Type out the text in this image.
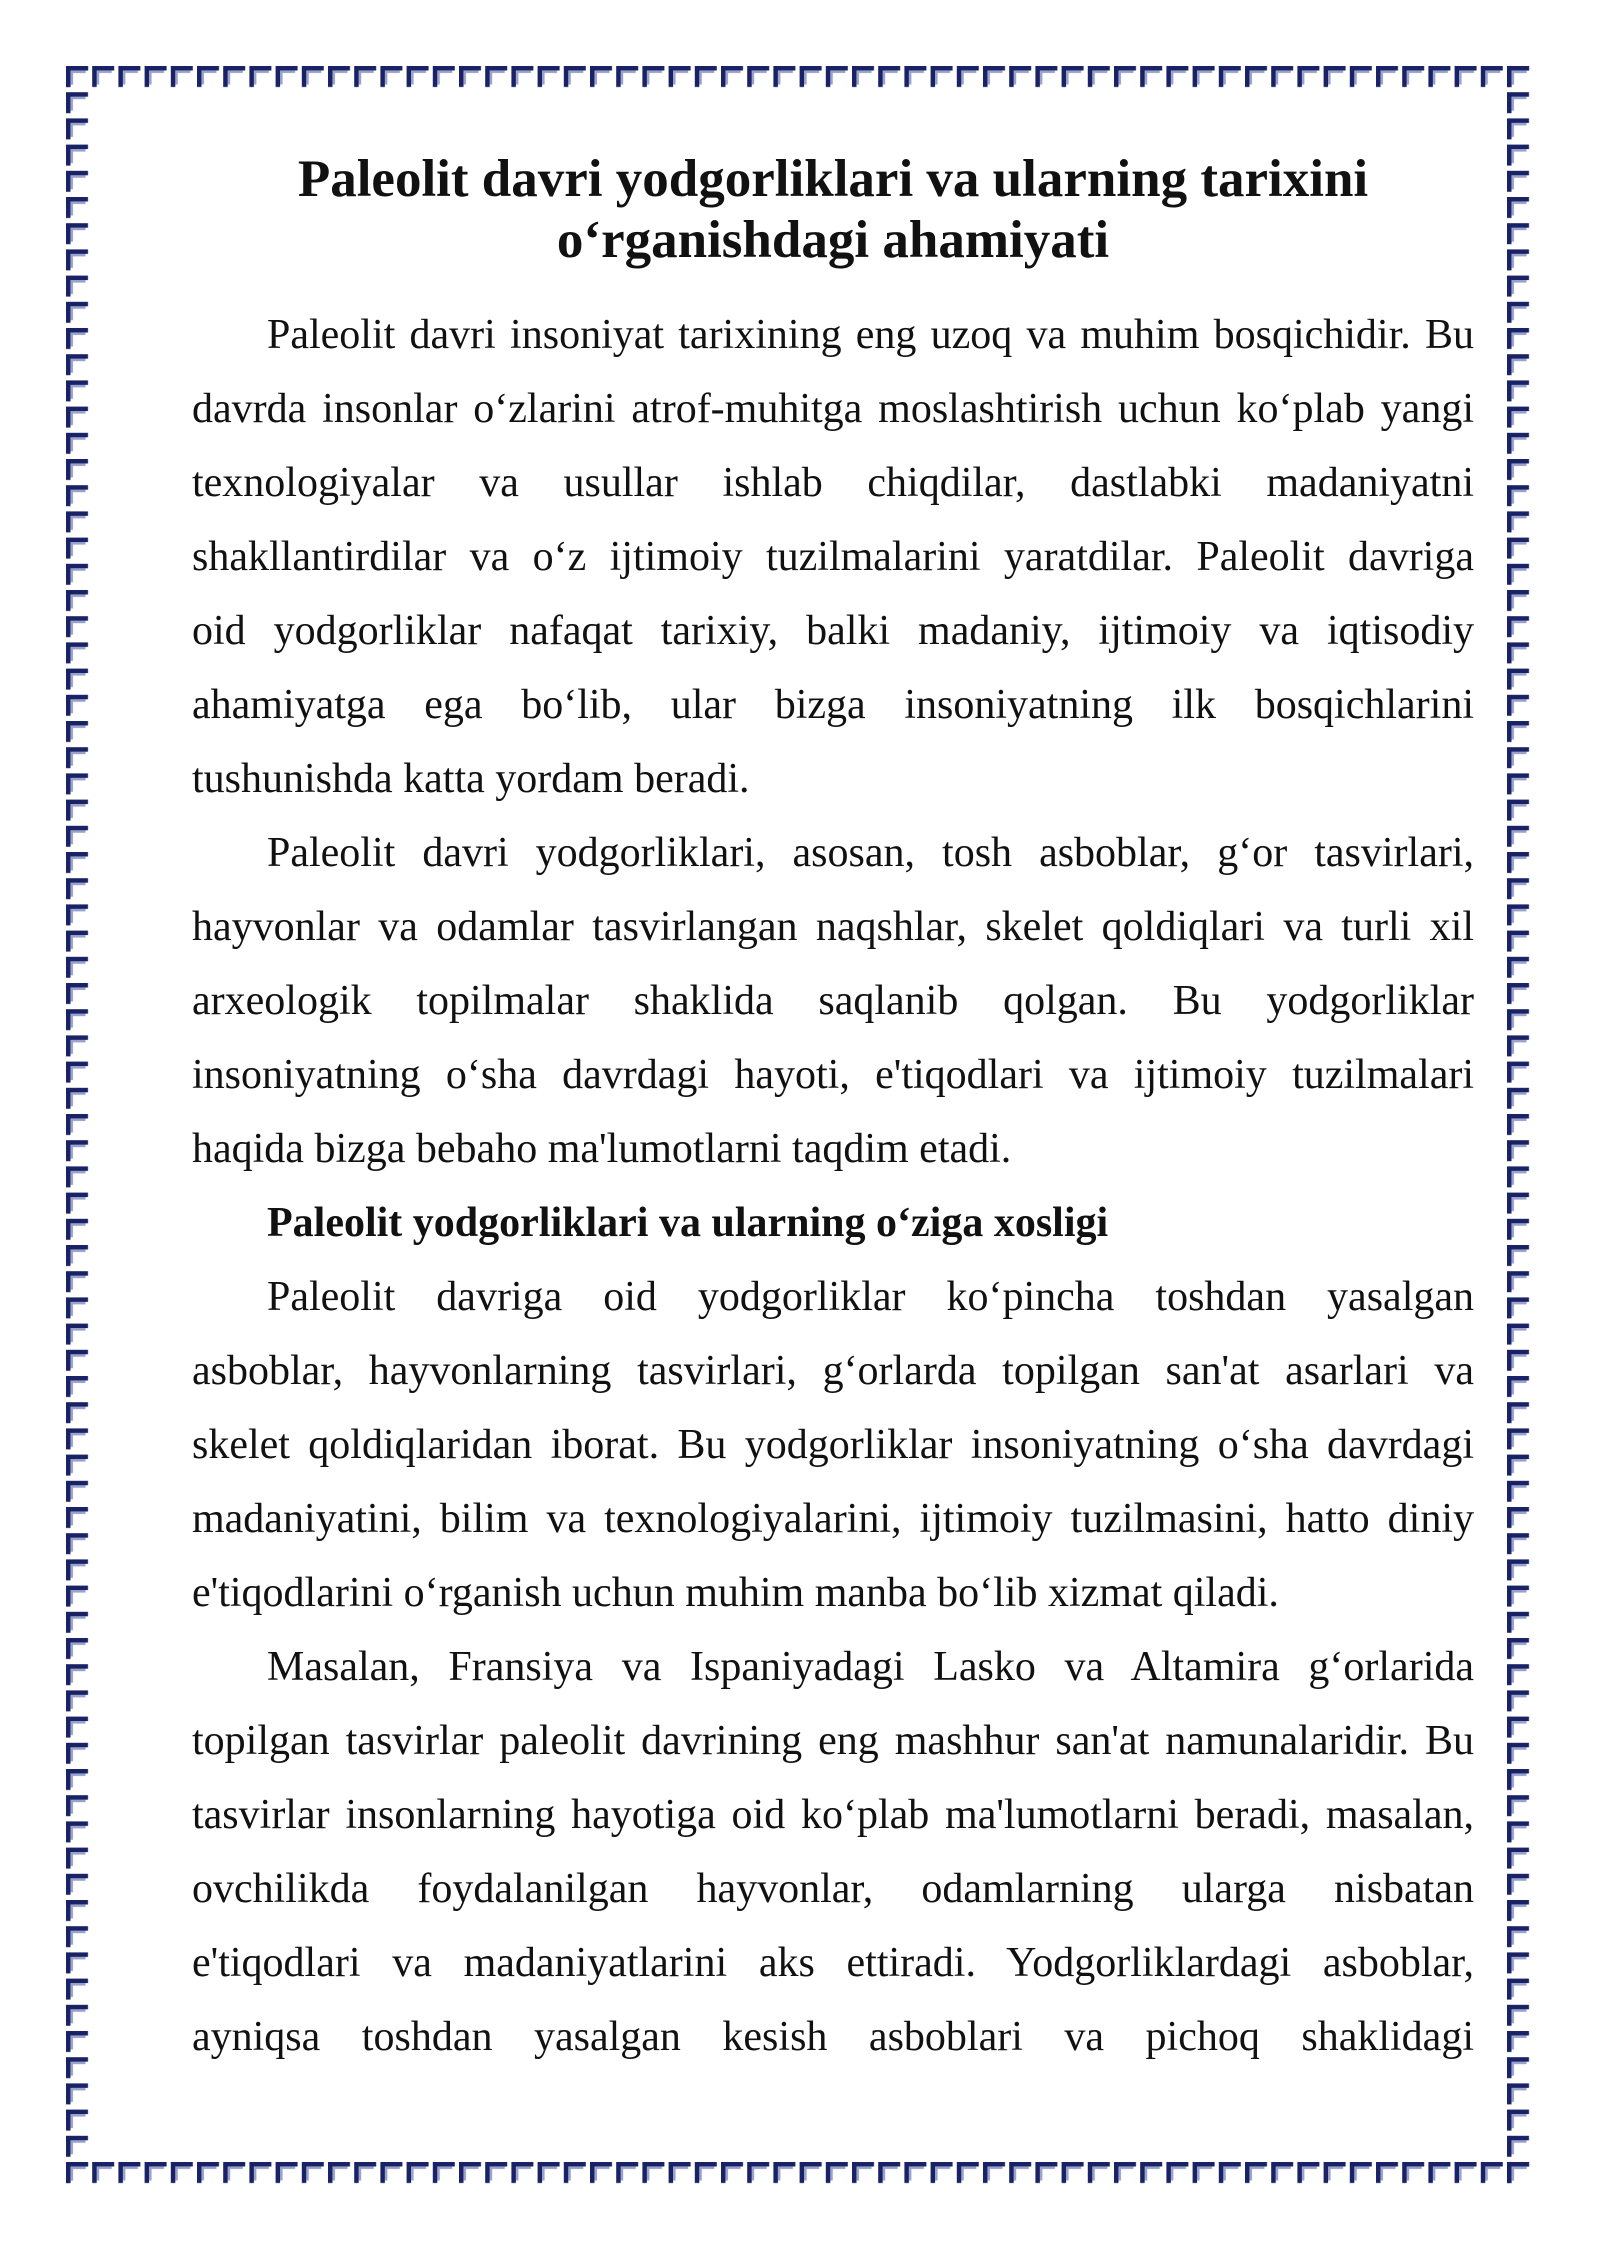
Paleolit davri yodgorliklari va ularning tarixini
o‘rganishdagi ahamiyati
Paleolit davri insoniyat tarixining eng uzoq va muhim bosqichidir. Bu
davrda insonlar o‘zlarini atrof-muhitga moslashtirish uchun ko‘plab yangi
texnologiyalar va usullar ishlab chiqdilar, dastlabki madaniyatni
shakllantirdilar va o‘z ijtimoiy tuzilmalarini yaratdilar. Paleolit davriga
oid yodgorliklar nafaqat tarixiy, balki madaniy, ijtimoiy va iqtisodiy
ahamiyatga ega bo‘lib, ular bizga insoniyatning ilk bosqichlarini
tushunishda katta yordam beradi.
Paleolit davri yodgorliklari, asosan, tosh asboblar, g‘or tasvirlari,
hayvonlar va odamlar tasvirlangan naqshlar, skelet qoldiqlari va turli xil
arxeologik topilmalar shaklida saqlanib qolgan. Bu yodgorliklar
insoniyatning o‘sha davrdagi hayoti, e'tiqodlari va ijtimoiy tuzilmalari
haqida bizga bebaho ma'lumotlarni taqdim etadi.
Paleolit yodgorliklari va ularning o‘ziga xosligi
Paleolit davriga oid yodgorliklar ko‘pincha toshdan yasalgan
asboblar, hayvonlarning tasvirlari, g‘orlarda topilgan san'at asarlari va
skelet qoldiqlaridan iborat. Bu yodgorliklar insoniyatning o‘sha davrdagi
madaniyatini, bilim va texnologiyalarini, ijtimoiy tuzilmasini, hatto diniy
e'tiqodlarini o‘rganish uchun muhim manba bo‘lib xizmat qiladi.
Masalan, Fransiya va Ispaniyadagi Lasko va Altamira g‘orlarida
topilgan tasvirlar paleolit davrining eng mashhur san'at namunalaridir. Bu
tasvirlar insonlarning hayotiga oid ko‘plab ma'lumotlarni beradi, masalan,
ovchilikda foydalanilgan hayvonlar, odamlarning ularga nisbatan
e'tiqodlari va madaniyatlarini aks ettiradi. Yodgorliklardagi asboblar,
ayniqsa toshdan yasalgan kesish asboblari va pichoq shaklidagi
